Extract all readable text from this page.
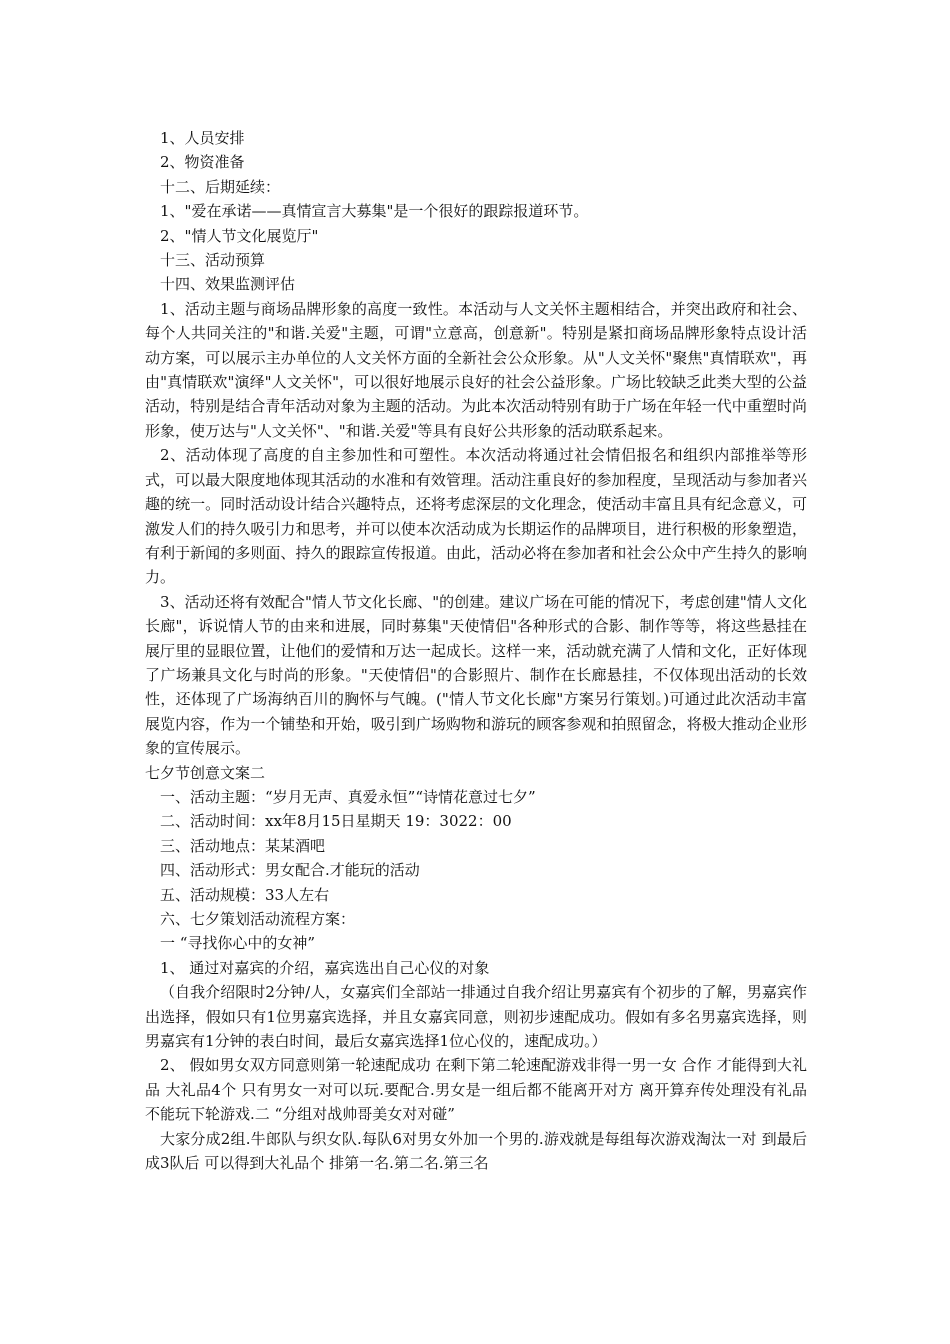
1、人员安排

2、物资准备

十二、后期延续：

1、"爱在承诺——真情宣言大募集"是一个很好的跟踪报道环节。

2、"情人节文化展览厅"

十三、活动预算

十四、效果监测评估

1、活动主题与商场品牌形象的高度一致性。本活动与人文关怀主题相结合，并突出政府和社会、每个人共同关注的"和谐.关爱"主题，可谓"立意高，创意新"。特别是紧扣商场品牌形象特点设计活动方案，可以展示主办单位的人文关怀方面的全新社会公众形象。从"人文关怀"聚焦"真情联欢"，再由"真情联欢"演绎"人文关怀"，可以很好地展示良好的社会公益形象。广场比较缺乏此类大型的公益活动，特别是结合青年活动对象为主题的活动。为此本次活动特别有助于广场在年轻一代中重塑时尚形象，使万达与"人文关怀"、"和谐.关爱"等具有良好公共形象的活动联系起来。

2、活动体现了高度的自主参加性和可塑性。本次活动将通过社会情侣报名和组织内部推举等形式，可以最大限度地体现其活动的水准和有效管理。活动注重良好的参加程度，呈现活动与参加者兴趣的统一。同时活动设计结合兴趣特点，还将考虑深层的文化理念，使活动丰富且具有纪念意义，可激发人们的持久吸引力和思考，并可以使本次活动成为长期运作的品牌项目，进行积极的形象塑造，有利于新闻的多则面、持久的跟踪宣传报道。由此，活动必将在参加者和社会公众中产生持久的影响力。

3、活动还将有效配合"情人节文化长廊、"的创建。建议广场在可能的情况下，考虑创建"情人文化长廊"，诉说情人节的由来和进展，同时募集"天使情侣"各种形式的合影、制作等等，将这些悬挂在展厅里的显眼位置，让他们的爱情和万达一起成长。这样一来，活动就充满了人情和文化，正好体现了广场兼具文化与时尚的形象。"天使情侣"的合影照片、制作在长廊悬挂，不仅体现出活动的长效性，还体现了广场海纳百川的胸怀与气魄。("情人节文化长廊"方案另行策划。)可通过此次活动丰富展览内容，作为一个铺垫和开始，吸引到广场购物和游玩的顾客参观和拍照留念，将极大推动企业形象的宣传展示。

七夕节创意文案二

一、活动主题：“岁月无声、真爱永恒”“诗情花意过七夕”

二、活动时间：xx年8月15日星期天 19：3022：00

三、活动地点：某某酒吧

四、活动形式：男女配合.才能玩的活动

五、活动规模：33人左右

六、七夕策划活动流程方案：

一 “寻找你心中的女神”

1、 通过对嘉宾的介绍，嘉宾选出自己心仪的对象

（自我介绍限时2分钟/人，女嘉宾们全部站一排通过自我介绍让男嘉宾有个初步的了解，男嘉宾作出选择，假如只有1位男嘉宾选择，并且女嘉宾同意，则初步速配成功。假如有多名男嘉宾选择，则男嘉宾有1分钟的表白时间，最后女嘉宾选择1位心仪的，速配成功。）

2、 假如男女双方同意则第一轮速配成功 在剩下第二轮速配游戏非得一男一女 合作 才能得到大礼品 大礼品4个 只有男女一对可以玩.要配合.男女是一组后都不能离开对方 离开算弃传处理没有礼品 不能玩下轮游戏.二 “分组对战帅哥美女对对碰”

大家分成2组.牛郎队与织女队.每队6对男女外加一个男的.游戏就是每组每次游戏淘汰一对 到最后成3队后 可以得到大礼品个 排第一名.第二名.第三名
